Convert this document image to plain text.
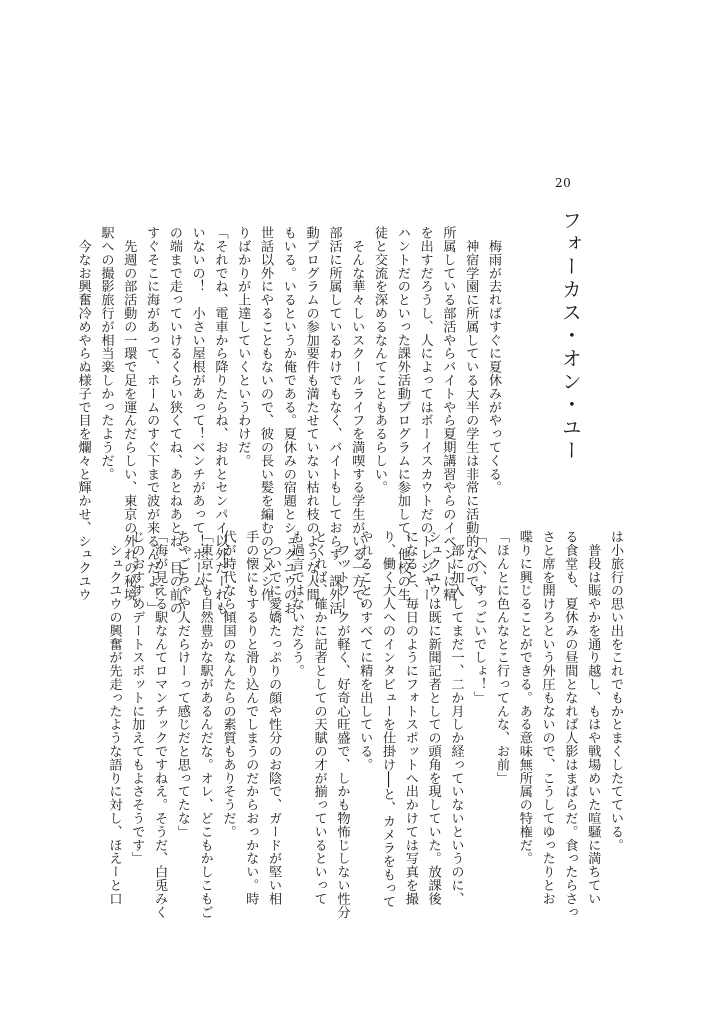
20
フォーカス・オン・ユー
　梅雨が去ればすぐに夏休みがやってくる。
　神宿学園に所属している大半の学生は非常に活動的なので、
所属している部活やらバイトやら夏期講習やらのイベントに精
を出すだろうし、人によってはボーイスカウトだのトレジャー
ハントだのといった課外活動プログラムに参加して、他校の生
徒と交流を深めるなんてこともあるらしい。
　そんな華々しいスクールライフを満喫する学生がいる一方で、
部活に所属しているわけでもなく、バイトもしておらず、課外活
動プログラムの参加要件も満たせていない枯れ枝のような人間
もいる。いるというか俺である。夏休みの宿題とシュクユウのお
世話以外にやることもないので、彼の長い髪を編むのとメシ作
りばかりが上達していくというわけだ。
「それでね、電車から降りたらね、おれとセンパイ以外だーれも
いないの！　小さい屋根があって！ベンチがあって！ホーム
の端まで走っていけるくらい狭くてね、あとねあとね、目の前の
すぐそこに海があって、ホームのすぐ下まで波が来るんだよ！」
　先週の部活動の一環で足を運んだらしい、東京の外れの秘境
駅への撮影旅行が相当楽しかったようだ。
　今なお興奮冷めやらぬ様子で目を爛々と輝かせ、シュクユウ
は小旅行の思い出をこれでもかとまくしたてている。
　普段は賑やかを通り越し、もはや戦場めいた喧騒に満ちてい
る食堂も、夏休みの昼間となれば人影はまばらだ。食ったらさっ
さと席を開けろという外圧もないので、こうしてゆったりとお
喋りに興じることができる。ある意味無所属の特権だ。
「ほんとに色んなとこ行ってんな、お前」
「へへ、すっごいでしょ！」
　部に加入してまだ一、二か月しか経っていないというのに、
シュクユウは既に新聞記者としての頭角を現していた。放課後
になると、毎日のようにフォトスポットへ出かけては写真を撮
り、働く大人へのインタビューを仕掛け──と、カメラをもって
やれることのすべてに精を出している。
　フットワークが軽く、好奇心旺盛で、しかも物怖じしない性分
とくれば、確かに記者としての天賦の才が揃っているといって
も過言ではないだろう。
　ついでに愛嬌たっぷりの顔や性分のお陰で、ガードが堅い相
手の懐にもするりと滑り込んでしまうのだからおっかない。時
代が時代なら傾国のなんたらの素質もありそうだ。
「東京にも自然豊かな駅があるんだな。オレ、どこもかしこもご
ちゃごちゃや人だらけーって感じだと思ってたな」
「海が見える駅なんてロマンチックですねえ。そうだ、白兎みく
じのおすすめデートスポットに加えてもよさそうです」
　シュクユウの興奮が先走ったような語りに対し、ほえーと口
